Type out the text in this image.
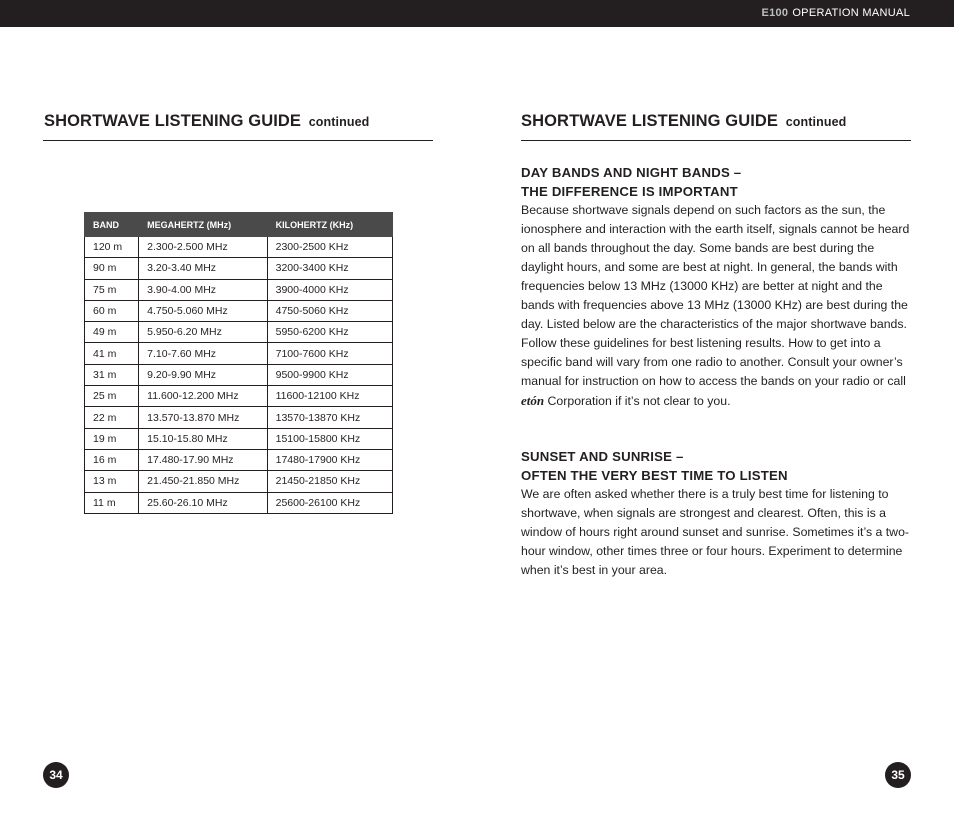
E100 OPERATION MANUAL
SHORTWAVE LISTENING GUIDE continued
BAND	MEGAHERTZ (MHz)	KILOHERTZ (KHz)
120 m	2.300-2.500 MHz	2300-2500 KHz
90 m	3.20-3.40 MHz	3200-3400 KHz
75 m	3.90-4.00 MHz	3900-4000 KHz
60 m	4.750-5.060 MHz	4750-5060 KHz
49 m	5.950-6.20 MHz	5950-6200 KHz
41 m	7.10-7.60 MHz	7100-7600 KHz
31 m	9.20-9.90 MHz	9500-9900 KHz
25 m	11.600-12.200 MHz	11600-12100 KHz
22 m	13.570-13.870 MHz	13570-13870 KHz
19 m	15.10-15.80 MHz	15100-15800 KHz
16 m	17.480-17.90 MHz	17480-17900 KHz
13 m	21.450-21.850 MHz	21450-21850 KHz
11 m	25.60-26.10 MHz	25600-26100 KHz
34
SHORTWAVE LISTENING GUIDE continued
DAY BANDS AND NIGHT BANDS –
THE DIFFERENCE IS IMPORTANT

Because shortwave signals depend on such factors as the sun, the ionosphere and interaction with the earth itself, signals cannot be heard on all bands throughout the day. Some bands are best during the daylight hours, and some are best at night. In general, the bands with frequencies below 13 MHz (13000 KHz) are better at night and the bands with frequencies above 13 MHz (13000 KHz) are best during the day. Listed below are the characteristics of the major shortwave bands. Follow these guidelines for best listening results. How to get into a specific band will vary from one radio to another. Consult your owner’s manual for instruction on how to access the bands on your radio or call etón Corporation if it’s not clear to you.

SUNSET AND SUNRISE –
OFTEN THE VERY BEST TIME TO LISTEN

We are often asked whether there is a truly best time for listening to shortwave, when signals are strongest and clearest. Often, this is a window of hours right around sunset and sunrise. Sometimes it’s a two-hour window, other times three or four hours. Experiment to determine when it’s best in your area.

35
